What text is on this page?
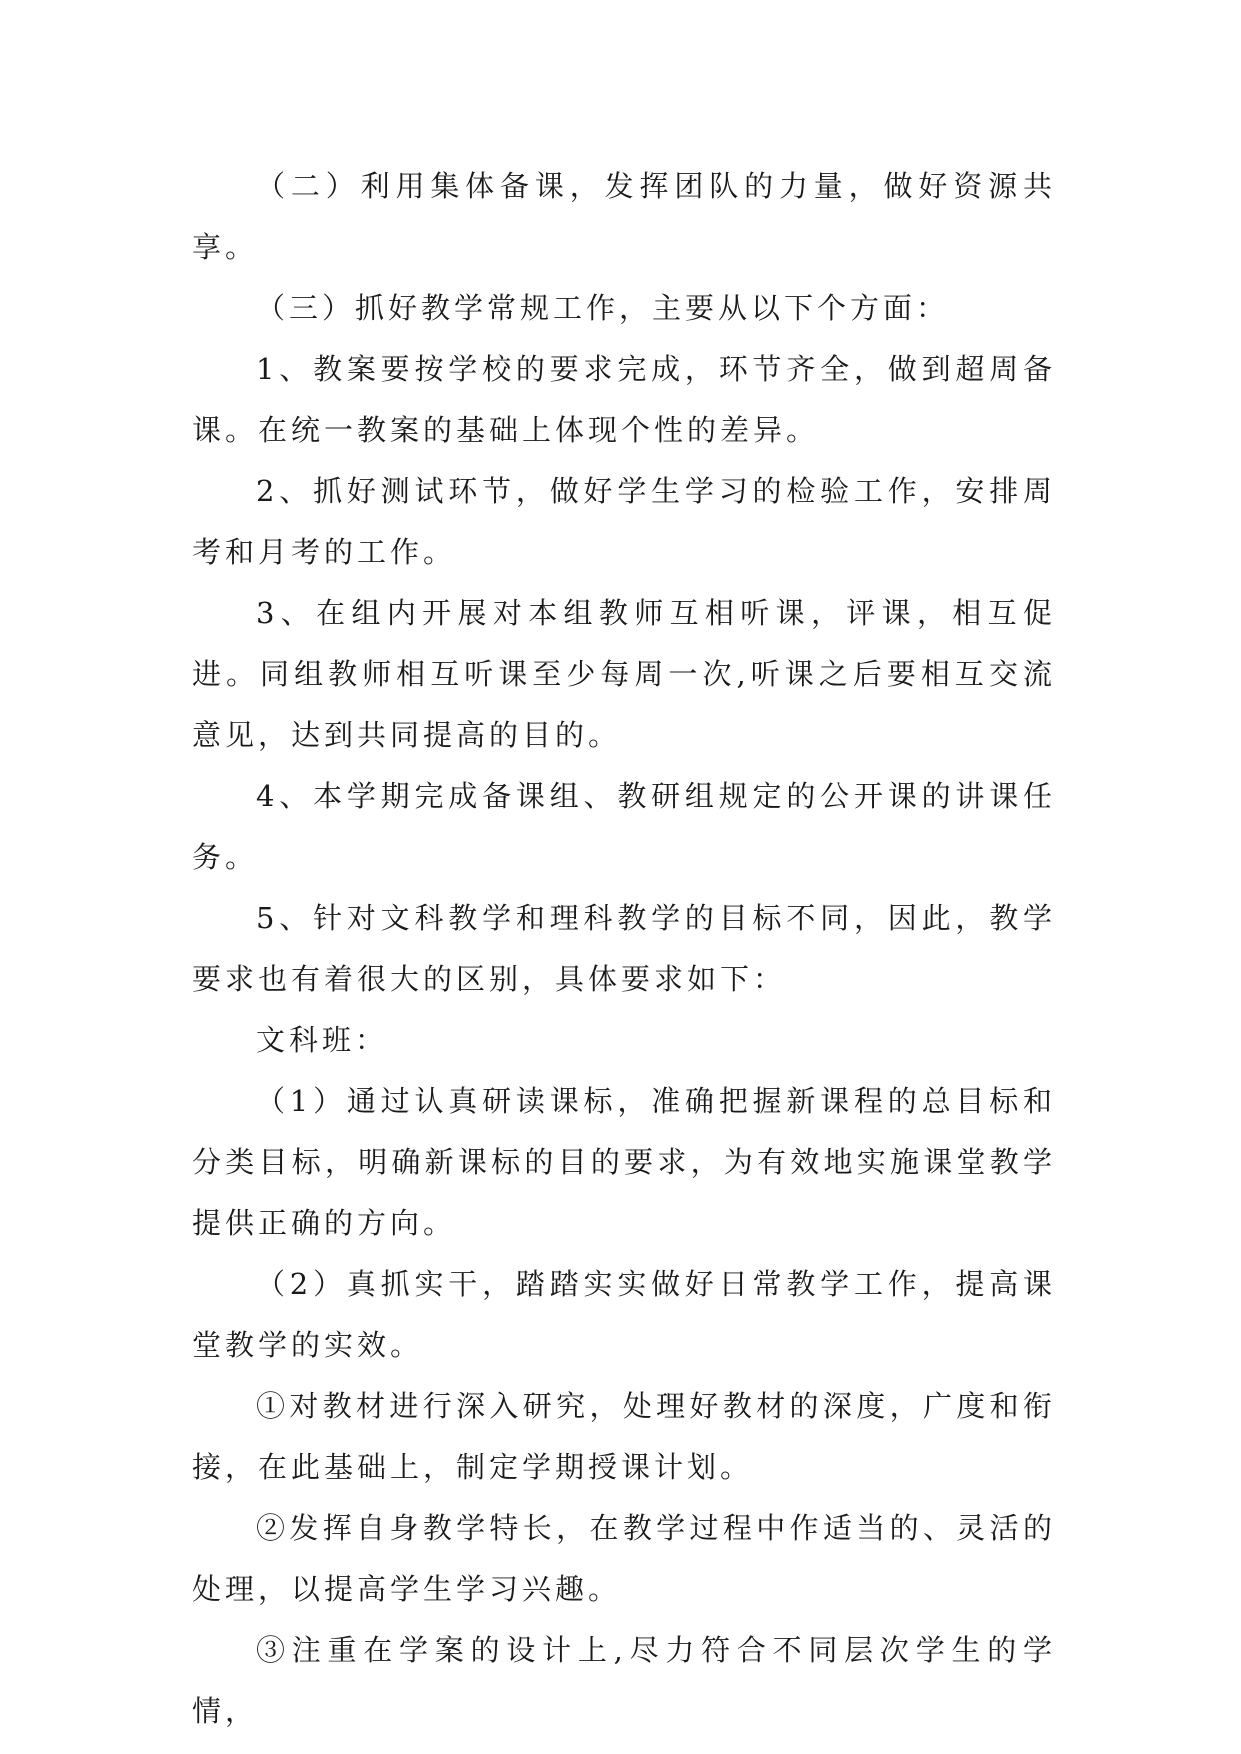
（二）利用集体备课，发挥团队的力量，做好资源共享。

（三）抓好教学常规工作，主要从以下个方面：

1、教案要按学校的要求完成，环节齐全，做到超周备课。在统一教案的基础上体现个性的差异。

2、抓好测试环节，做好学生学习的检验工作，安排周考和月考的工作。

3、在组内开展对本组教师互相听课，评课，相互促进。同组教师相互听课至少每周一次,听课之后要相互交流意见，达到共同提高的目的。

4、本学期完成备课组、教研组规定的公开课的讲课任务。

5、针对文科教学和理科教学的目标不同，因此，教学要求也有着很大的区别，具体要求如下：

文科班：

（1）通过认真研读课标，准确把握新课程的总目标和分类目标，明确新课标的目的要求，为有效地实施课堂教学提供正确的方向。

（2）真抓实干，踏踏实实做好日常教学工作，提高课堂教学的实效。

①对教材进行深入研究，处理好教材的深度，广度和衔接，在此基础上，制定学期授课计划。

②发挥自身教学特长，在教学过程中作适当的、灵活的处理，以提高学生学习兴趣。

③注重在学案的设计上,尽力符合不同层次学生的学情，
